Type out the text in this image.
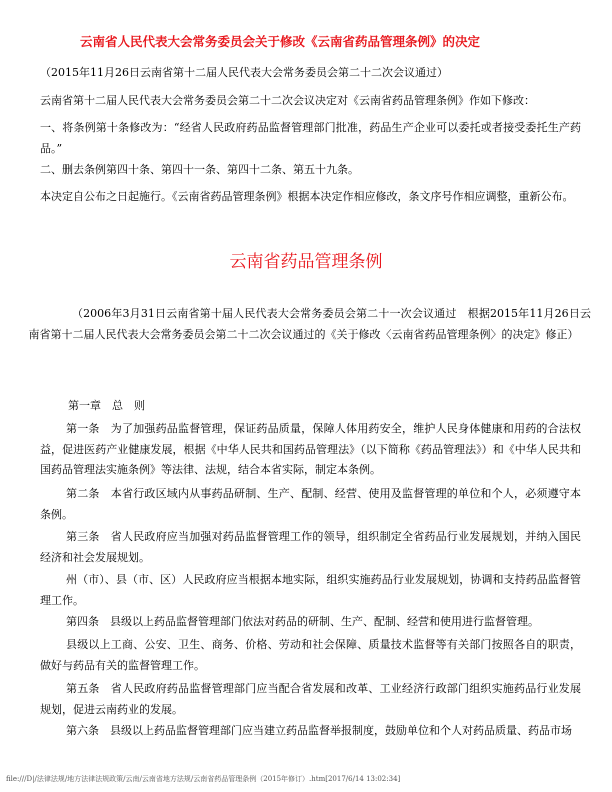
云南省人民代表大会常务委员会关于修改《云南省药品管理条例》的决定
（2015年11月26日云南省第十二届人民代表大会常务委员会第二十二次会议通过）
云南省第十二届人民代表大会常务委员会第二十二次会议决定对《云南省药品管理条例》作如下修改：
一、将条例第十条修改为：“经省人民政府药品监督管理部门批准，药品生产企业可以委托或者接受委托生产药品。”
二、删去条例第四十条、第四十一条、第四十二条、第五十九条。
本决定自公布之日起施行。《云南省药品管理条例》根据本决定作相应修改，条文序号作相应调整，重新公布。
云南省药品管理条例
（2006年3月31日云南省第十届人民代表大会常务委员会第二十一次会议通过　根据2015年11月26日云南省第十二届人民代表大会常务委员会第二十二次会议通过的《关于修改〈云南省药品管理条例〉的决定》修正）
第一章　总　则
第一条　为了加强药品监督管理，保证药品质量，保障人体用药安全，维护人民身体健康和用药的合法权益，促进医药产业健康发展，根据《中华人民共和国药品管理法》（以下简称《药品管理法》）和《中华人民共和国药品管理法实施条例》等法律、法规，结合本省实际，制定本条例。
第二条　本省行政区域内从事药品研制、生产、配制、经营、使用及监督管理的单位和个人，必须遵守本条例。
第三条　省人民政府应当加强对药品监督管理工作的领导，组织制定全省药品行业发展规划，并纳入国民经济和社会发展规划。
州（市）、县（市、区）人民政府应当根据本地实际，组织实施药品行业发展规划，协调和支持药品监督管理工作。
第四条　县级以上药品监督管理部门依法对药品的研制、生产、配制、经营和使用进行监督管理。
县级以上工商、公安、卫生、商务、价格、劳动和社会保障、质量技术监督等有关部门按照各自的职责，做好与药品有关的监督管理工作。
第五条　省人民政府药品监督管理部门应当配合省发展和改革、工业经济行政部门组织实施药品行业发展规划，促进云南药业的发展。
第六条　县级以上药品监督管理部门应当建立药品监督举报制度，鼓励单位和个人对药品质量、药品市场
file:///D|/法律法规/地方法律法规政策/云南/云南省地方法规/云南省药品管理条例（2015年修订）.htm[2017/6/14 13:02:34]
